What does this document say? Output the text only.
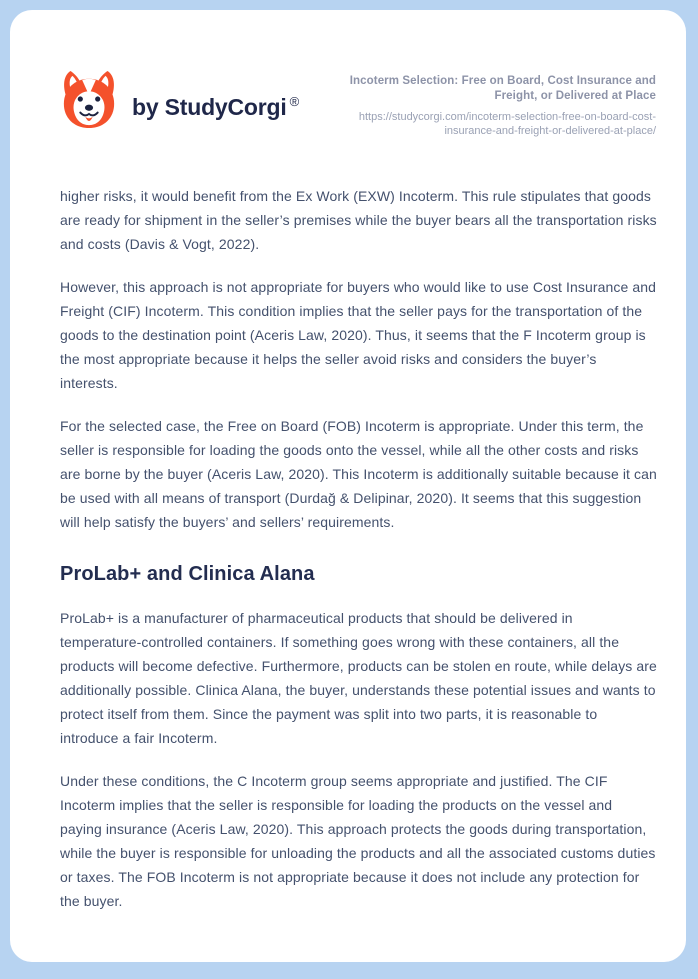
by StudyCorgi ®
Incoterm Selection: Free on Board, Cost Insurance and Freight, or Delivered at Place
https://studycorgi.com/incoterm-selection-free-on-board-cost-insurance-and-freight-or-delivered-at-place/

higher risks, it would benefit from the Ex Work (EXW) Incoterm. This rule stipulates that goods are ready for shipment in the seller’s premises while the buyer bears all the transportation risks and costs (Davis & Vogt, 2022).

However, this approach is not appropriate for buyers who would like to use Cost Insurance and Freight (CIF) Incoterm. This condition implies that the seller pays for the transportation of the goods to the destination point (Aceris Law, 2020). Thus, it seems that the F Incoterm group is the most appropriate because it helps the seller avoid risks and considers the buyer’s interests.

For the selected case, the Free on Board (FOB) Incoterm is appropriate. Under this term, the seller is responsible for loading the goods onto the vessel, while all the other costs and risks are borne by the buyer (Aceris Law, 2020). This Incoterm is additionally suitable because it can be used with all means of transport (Durdağ & Delipinar, 2020). It seems that this suggestion will help satisfy the buyers’ and sellers’ requirements.

ProLab+ and Clinica Alana

ProLab+ is a manufacturer of pharmaceutical products that should be delivered in temperature-controlled containers. If something goes wrong with these containers, all the products will become defective. Furthermore, products can be stolen en route, while delays are additionally possible. Clinica Alana, the buyer, understands these potential issues and wants to protect itself from them. Since the payment was split into two parts, it is reasonable to introduce a fair Incoterm.

Under these conditions, the C Incoterm group seems appropriate and justified. The CIF Incoterm implies that the seller is responsible for loading the products on the vessel and paying insurance (Aceris Law, 2020). This approach protects the goods during transportation, while the buyer is responsible for unloading the products and all the associated customs duties or taxes. The FOB Incoterm is not appropriate because it does not include any protection for the buyer.
